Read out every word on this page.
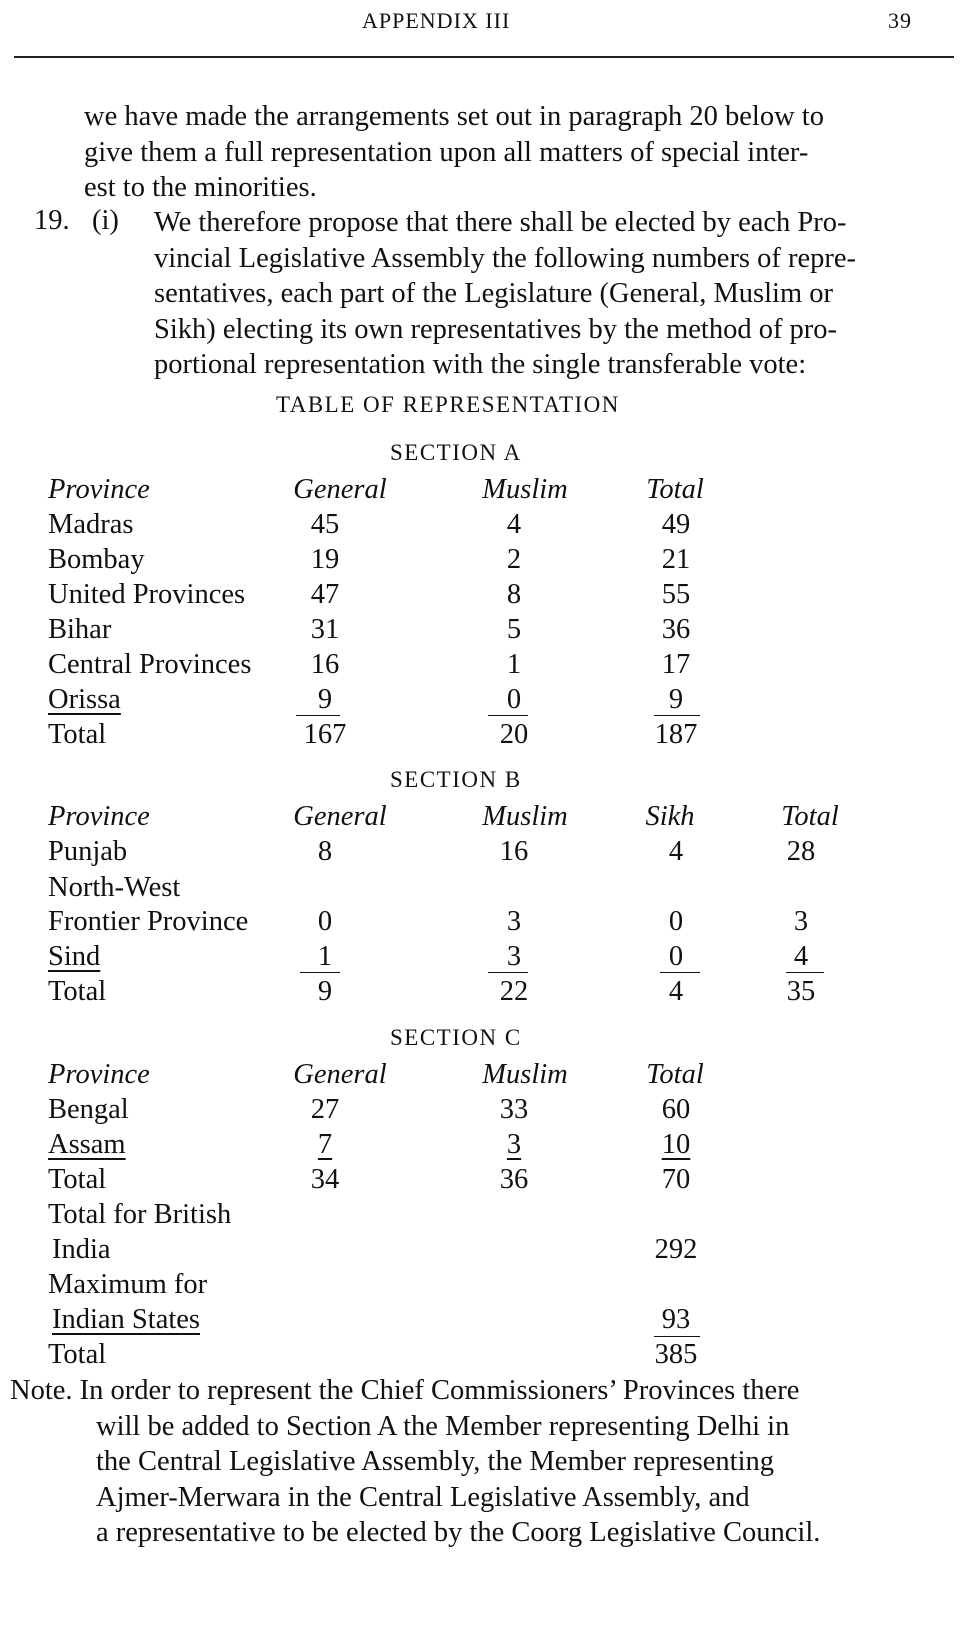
APPENDIX III	39
we have made the arrangements set out in paragraph 20 below to
give them a full representation upon all matters of special inter-
est to the minorities.
19. (i) We therefore propose that there shall be elected by each Pro-
vincial Legislative Assembly the following numbers of repre-
sentatives, each part of the Legislature (General, Muslim or
Sikh) electing its own representatives by the method of pro-
portional representation with the single transferable vote:
TABLE OF REPRESENTATION
SECTION A
Province	General	Muslim	Total
Madras	45	4	49
Bombay	19	2	21
United Provinces	47	8	55
Bihar	31	5	36
Central Provinces	16	1	17
Orissa	9	0	9
Total	167	20	187
SECTION B
Province	General	Muslim	Sikh	Total
Punjab	8	16	4	28
North-West
Frontier Province	0	3	0	3
Sind	1	3	0	4
Total	9	22	4	35
SECTION C
Province	General	Muslim	Total
Bengal	27	33	60
Assam	7	3	10
Total	34	36	70
Total for British
India	292
Maximum for
Indian States	93
Total	385
Note. In order to represent the Chief Commissioners’ Provinces there
will be added to Section A the Member representing Delhi in
the Central Legislative Assembly, the Member representing
Ajmer-Merwara in the Central Legislative Assembly, and
a representative to be elected by the Coorg Legislative Council.
